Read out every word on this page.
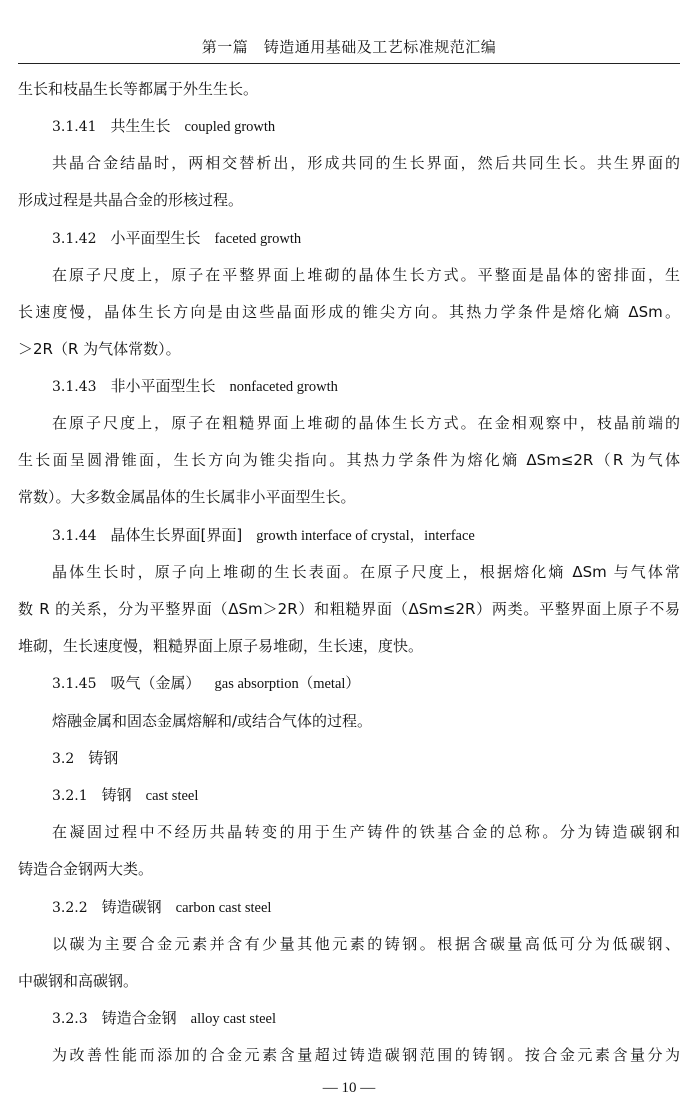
第一篇　铸造通用基础及工艺标准规范汇编
生长和枝晶生长等都属于外生生长。
3.1.41 共生生长 coupled growth
共晶合金结晶时，两相交替析出，形成共同的生长界面，然后共同生长。共生界面的
形成过程是共晶合金的形核过程。
3.1.42 小平面型生长 faceted growth
在原子尺度上，原子在平整界面上堆砌的晶体生长方式。平整面是晶体的密排面，生
长速度慢，晶体生长方向是由这些晶面形成的锥尖方向。其热力学条件是熔化熵 ΔSm。
＞2R（R 为气体常数）。
3.1.43 非小平面型生长 nonfaceted growth
在原子尺度上，原子在粗糙界面上堆砌的晶体生长方式。在金相观察中，枝晶前端的
生长面呈圆滑锥面，生长方向为锥尖指向。其热力学条件为熔化熵 ΔSm≤2R（R 为气体
常数）。大多数金属晶体的生长属非小平面型生长。
3.1.44 晶体生长界面[界面] growth interface of crystal，interface
晶体生长时，原子向上堆砌的生长表面。在原子尺度上，根据熔化熵 ΔSm 与气体常
数 R 的关系，分为平整界面（ΔSm＞2R）和粗糙界面（ΔSm≤2R）两类。平整界面上原子不易
堆砌，生长速度慢，粗糙界面上原子易堆砌，生长速，度快。
3.1.45 吸气（金属） gas absorption（metal）
熔融金属和固态金属熔解和/或结合气体的过程。
3.2 铸钢
3.2.1 铸钢 cast steel
在凝固过程中不经历共晶转变的用于生产铸件的铁基合金的总称。分为铸造碳钢和
铸造合金钢两大类。
3.2.2 铸造碳钢 carbon cast steel
以碳为主要合金元素并含有少量其他元素的铸钢。根据含碳量高低可分为低碳钢、
中碳钢和高碳钢。
3.2.3 铸造合金钢 alloy cast steel
为改善性能而添加的合金元素含量超过铸造碳钢范围的铸钢。按合金元素含量分为
— 10 —
